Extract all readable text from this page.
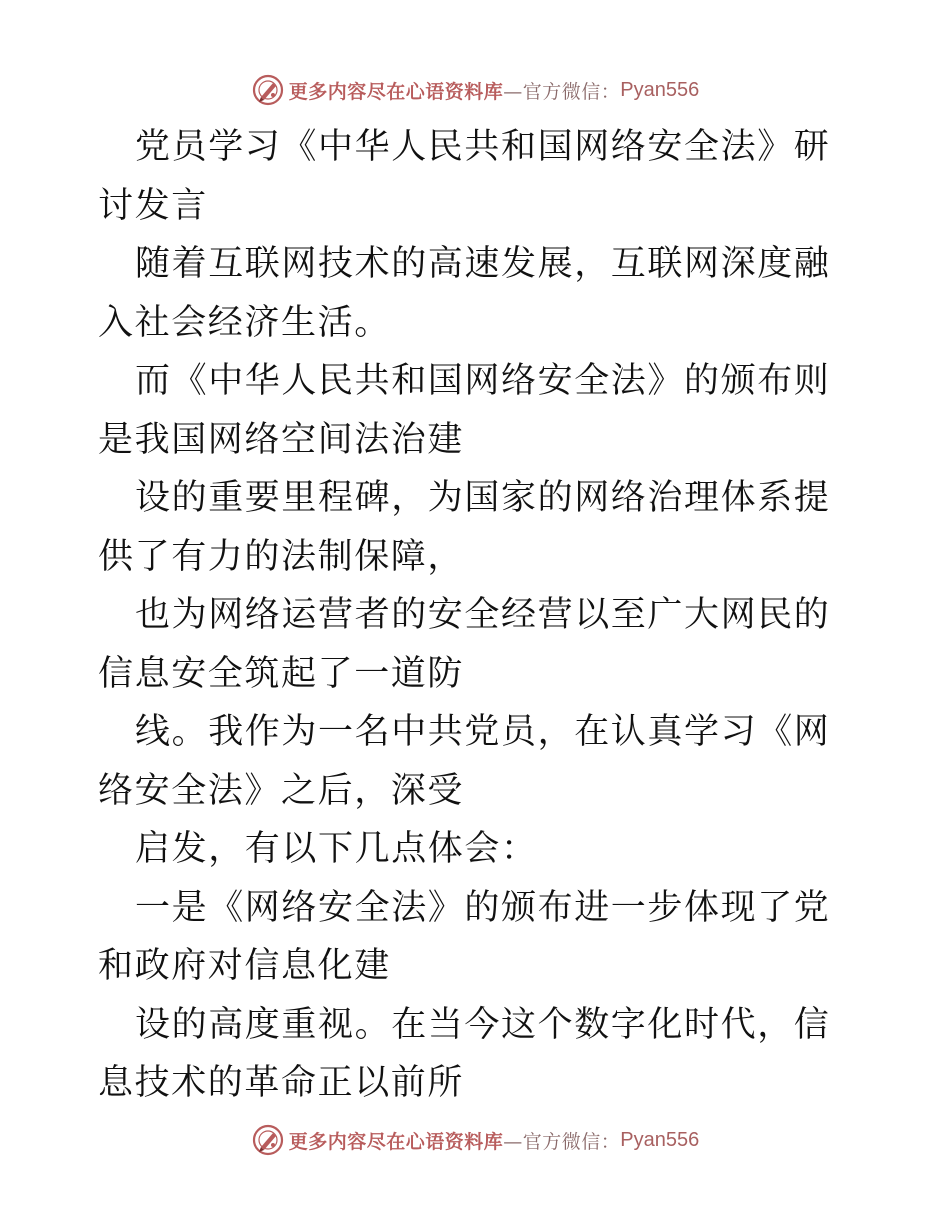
更多内容尽在心语资料库 —官方微信： Pyan556

党员学习《中华人民共和国网络安全法》研讨发言

随着互联网技术的高速发展，互联网深度融入社会经济生活。

而《中华人民共和国网络安全法》的颁布则是我国网络空间法治建

设的重要里程碑，为国家的网络治理体系提供了有力的法制保障，

也为网络运营者的安全经营以至广大网民的信息安全筑起了一道防

线。我作为一名中共党员，在认真学习《网络安全法》之后，深受

启发，有以下几点体会：

一是《网络安全法》的颁布进一步体现了党和政府对信息化建

设的高度重视。在当今这个数字化时代，信息技术的革命正以前所

更多内容尽在心语资料库 —官方微信： Pyan556
